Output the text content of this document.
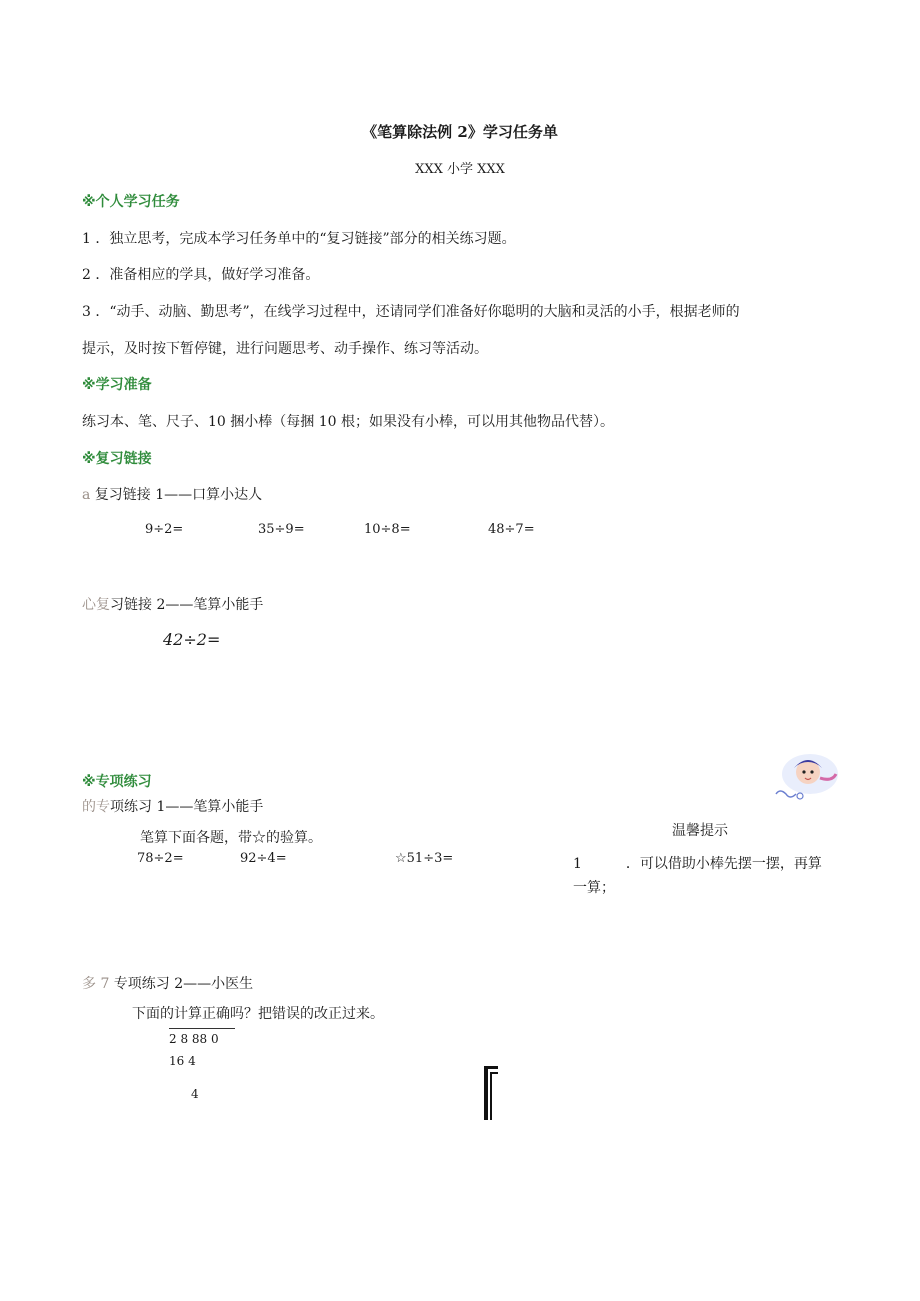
《笔算除法例 2》学习任务单
XXX 小学 XXX
※个人学习任务
1 ．独立思考，完成本学习任务单中的“复习链接”部分的相关练习题。
2 ．准备相应的学具，做好学习准备。
3 ．“动手、动脑、勤思考”，在线学习过程中，还请同学们准备好你聪明的大脑和灵活的小手，根据老师的
提示，及时按下暂停键，进行问题思考、动手操作、练习等活动。
※学习准备
练习本、笔、尺子、10 捆小棒（每捆 10 根；如果没有小棒，可以用其他物品代替）。
※复习链接
a 复习链接 1——口算小达人
9÷2=	35÷9=	10÷8=	48÷7=
心复习链接 2——笔算小能手
42÷2=
※专项练习
的专项练习 1——笔算小能手
笔算下面各题，带☆的验算。
78÷2=	92÷4=	☆51÷3=
温馨提示
1	．可以借助小棒先摆一摆，再算
一算；
多 7 专项练习 2——小医生
下面的计算正确吗？把错误的改正过来。
2 8 88 0
16 4
4
